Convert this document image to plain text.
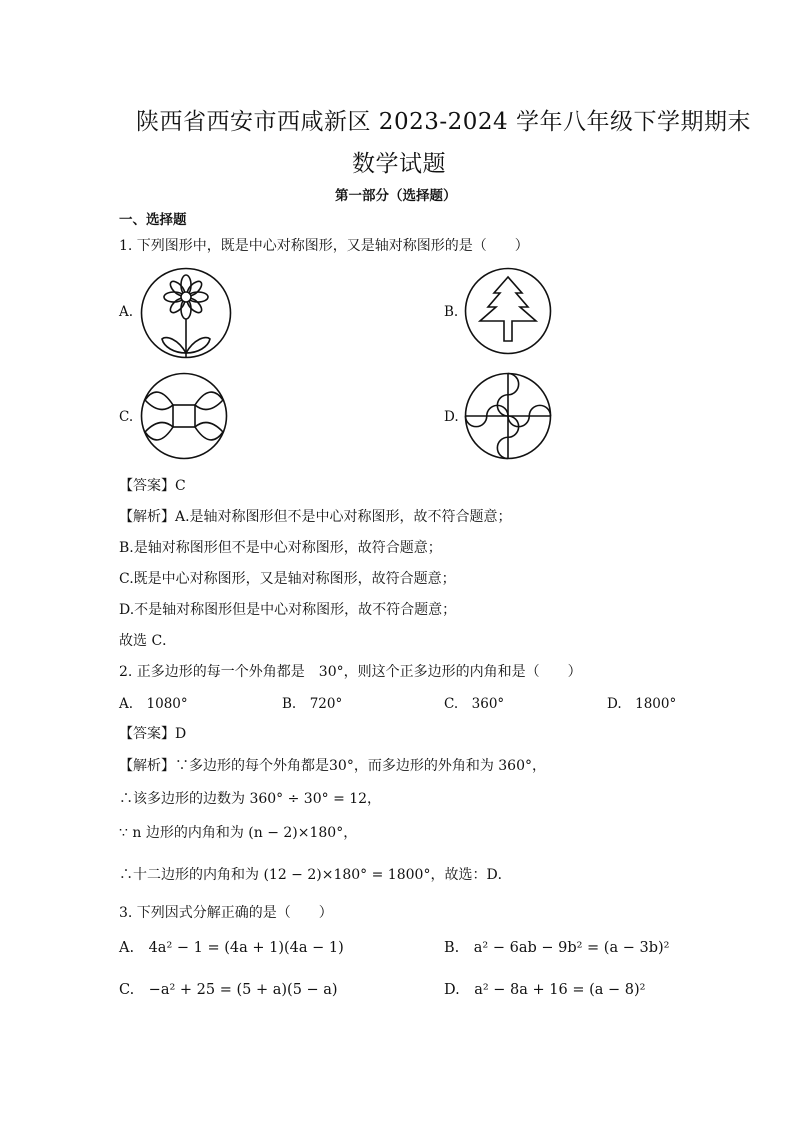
陕西省西安市西咸新区 2023-2024 学年八年级下学期期末
数学试题
第一部分（选择题）
一、选择题
1. 下列图形中，既是中心对称图形，又是轴对称图形的是（　　）
A.	B.
C.	D.
【答案】C
【解析】A.是轴对称图形但不是中心对称图形，故不符合题意；
B.是轴对称图形但不是中心对称图形，故符合题意；
C.既是中心对称图形，又是轴对称图形，故符合题意；
D.不是轴对称图形但是中心对称图形，故不符合题意；
故选 C．
2. 正多边形的每一个外角都是　30°，则这个正多边形的内角和是（　　）
A.　1080°	B.　720°	C.　360°	D.　1800°
【答案】D
【解析】∵多边形的每个外角都是30°，而多边形的外角和为 360°，
∴该多边形的边数为 360° ÷ 30° = 12，
∵ n 边形的内角和为 (n − 2)×180°，
∴十二边形的内角和为 (12 − 2)×180° = 1800°，故选：D．
3. 下列因式分解正确的是（　　）
A.　4a² − 1 = (4a + 1)(4a − 1)	B.　a² − 6ab − 9b² = (a − 3b)²
C.　−a² + 25 = (5 + a)(5 − a)	D.　a² − 8a + 16 = (a − 8)²
